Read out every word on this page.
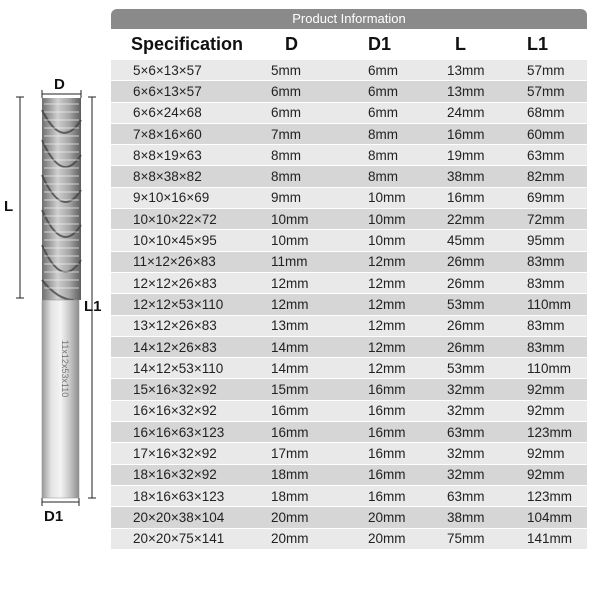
D
L
L1
D1
11x12x53x110
Product Information
Specification	D	D1	L	L1
5×6×13×57	5mm	6mm	13mm	57mm
6×6×13×57	6mm	6mm	13mm	57mm
6×6×24×68	6mm	6mm	24mm	68mm
7×8×16×60	7mm	8mm	16mm	60mm
8×8×19×63	8mm	8mm	19mm	63mm
8×8×38×82	8mm	8mm	38mm	82mm
9×10×16×69	9mm	10mm	16mm	69mm
10×10×22×72	10mm	10mm	22mm	72mm
10×10×45×95	10mm	10mm	45mm	95mm
11×12×26×83	11mm	12mm	26mm	83mm
12×12×26×83	12mm	12mm	26mm	83mm
12×12×53×110	12mm	12mm	53mm	110mm
13×12×26×83	13mm	12mm	26mm	83mm
14×12×26×83	14mm	12mm	26mm	83mm
14×12×53×110	14mm	12mm	53mm	110mm
15×16×32×92	15mm	16mm	32mm	92mm
16×16×32×92	16mm	16mm	32mm	92mm
16×16×63×123	16mm	16mm	63mm	123mm
17×16×32×92	17mm	16mm	32mm	92mm
18×16×32×92	18mm	16mm	32mm	92mm
18×16×63×123	18mm	16mm	63mm	123mm
20×20×38×104	20mm	20mm	38mm	104mm
20×20×75×141	20mm	20mm	75mm	141mm
